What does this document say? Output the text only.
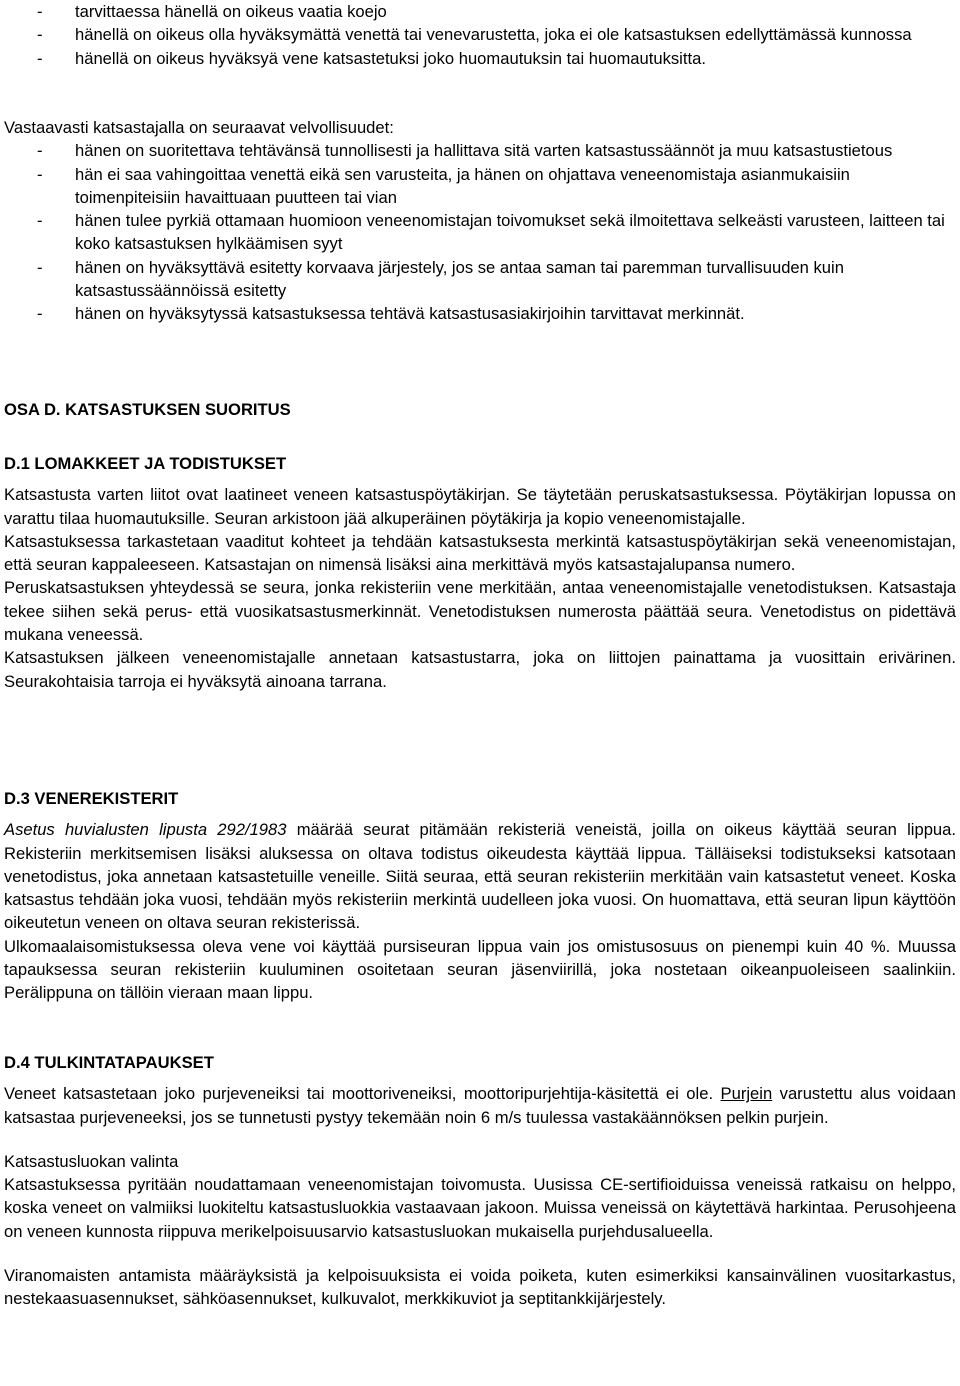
- tarvittaessa hänellä on oikeus vaatia koejo
- hänellä on oikeus olla hyväksymättä venettä tai venevarustetta, joka ei ole katsastuksen edellyttämässä kunnossa
- hänellä on oikeus hyväksyä vene katsastetuksi joko huomautuksin tai huomautuksitta.

Vastaavasti katsastajalla on seuraavat velvollisuudet:

- hänen on suoritettava tehtävänsä tunnollisesti ja hallittava sitä varten katsastussäännöt ja muu katsastustietous
- hän ei saa vahingoittaa venettä eikä sen varusteita, ja hänen on ohjattava veneenomistaja asianmukaisiin toimenpiteisiin havaittuaan puutteen tai vian
- hänen tulee pyrkiä ottamaan huomioon veneenomistajan toivomukset sekä ilmoitettava selkeästi varusteen, laitteen tai koko katsastuksen hylkäämisen syyt
- hänen on hyväksyttävä esitetty korvaava järjestely, jos se antaa saman tai paremman turvallisuuden kuin katsastussäännöissä esitetty
- hänen on hyväksytyssä katsastuksessa tehtävä katsastusasiakirjoihin tarvittavat merkinnät.
OSA D. KATSASTUKSEN SUORITUS

D.1 LOMAKKEET JA TODISTUKSET

Katsastusta varten liitot ovat laatineet veneen katsastuspöytäkirjan. Se täytetään peruskatsastuksessa. Pöytäkirjan lopussa on varattu tilaa huomautuksille. Seuran arkistoon jää alkuperäinen pöytäkirja ja kopio veneenomistajalle.

Katsastuksessa tarkastetaan vaaditut kohteet ja tehdään katsastuksesta merkintä katsastuspöytäkirjan sekä veneenomistajan, että seuran kappaleeseen. Katsastajan on nimensä lisäksi aina merkittävä myös katsastajalupansa numero.

Peruskatsastuksen yhteydessä se seura, jonka rekisteriin vene merkitään, antaa veneenomistajalle venetodistuksen. Katsastaja tekee siihen sekä perus- että vuosikatsastusmerkinnät. Venetodistuksen numerosta päättää seura. Venetodistus on pidettävä mukana veneessä.

Katsastuksen jälkeen veneenomistajalle annetaan katsastustarra, joka on liittojen painattama ja vuosittain erivärinen. Seurakohtaisia tarroja ei hyväksytä ainoana tarrana.

D.3 VENEREKISTERIT

Asetus huvialusten lipusta 292/1983 määrää seurat pitämään rekisteriä veneistä, joilla on oikeus käyttää seuran lippua. Rekisteriin merkitsemisen lisäksi aluksessa on oltava todistus oikeudesta käyttää lippua. Tälläiseksi todistukseksi katsotaan venetodistus, joka annetaan katsastetuille veneille. Siitä seuraa, että seuran rekisteriin merkitään vain katsastetut veneet. Koska katsastus tehdään joka vuosi, tehdään myös rekisteriin merkintä uudelleen joka vuosi. On huomattava, että seuran lipun käyttöön oikeutetun veneen on oltava seuran rekisterissä.

Ulkomaalaisomistuksessa oleva vene voi käyttää pursiseuran lippua vain jos omistusosuus on pienempi kuin 40 %. Muussa tapauksessa seuran rekisteriin kuuluminen osoitetaan seuran jäsenviirillä, joka nostetaan oikeanpuoleiseen saalinkiin. Perälippuna on tällöin vieraan maan lippu.

D.4 TULKINTATAPAUKSET

Veneet katsastetaan joko purjeveneiksi tai moottoriveneiksi, moottoripurjehtija-käsitettä ei ole. Purjein varustettu alus voidaan katsastaa purjeveneeksi, jos se tunnetusti pystyy tekemään noin 6 m/s tuulessa vastakäännöksen pelkin purjein.

Katsastusluokan valinta

Katsastuksessa pyritään noudattamaan veneenomistajan toivomusta. Uusissa CE-sertifioiduissa veneissä ratkaisu on helppo, koska veneet on valmiiksi luokiteltu katsastusluokkia vastaavaan jakoon. Muissa veneissä on käytettävä harkintaa. Perusohjeena on veneen kunnosta riippuva merikelpoisuusarvio katsastusluokan mukaisella purjehdusalueella.

Viranomaisten antamista määräyksistä ja kelpoisuuksista ei voida poiketa, kuten esimerkiksi kansainvälinen vuositarkastus, nestekaasuasennukset, sähköasennukset, kulkuvalot, merkkikuviot ja septitankkijärjestely.
